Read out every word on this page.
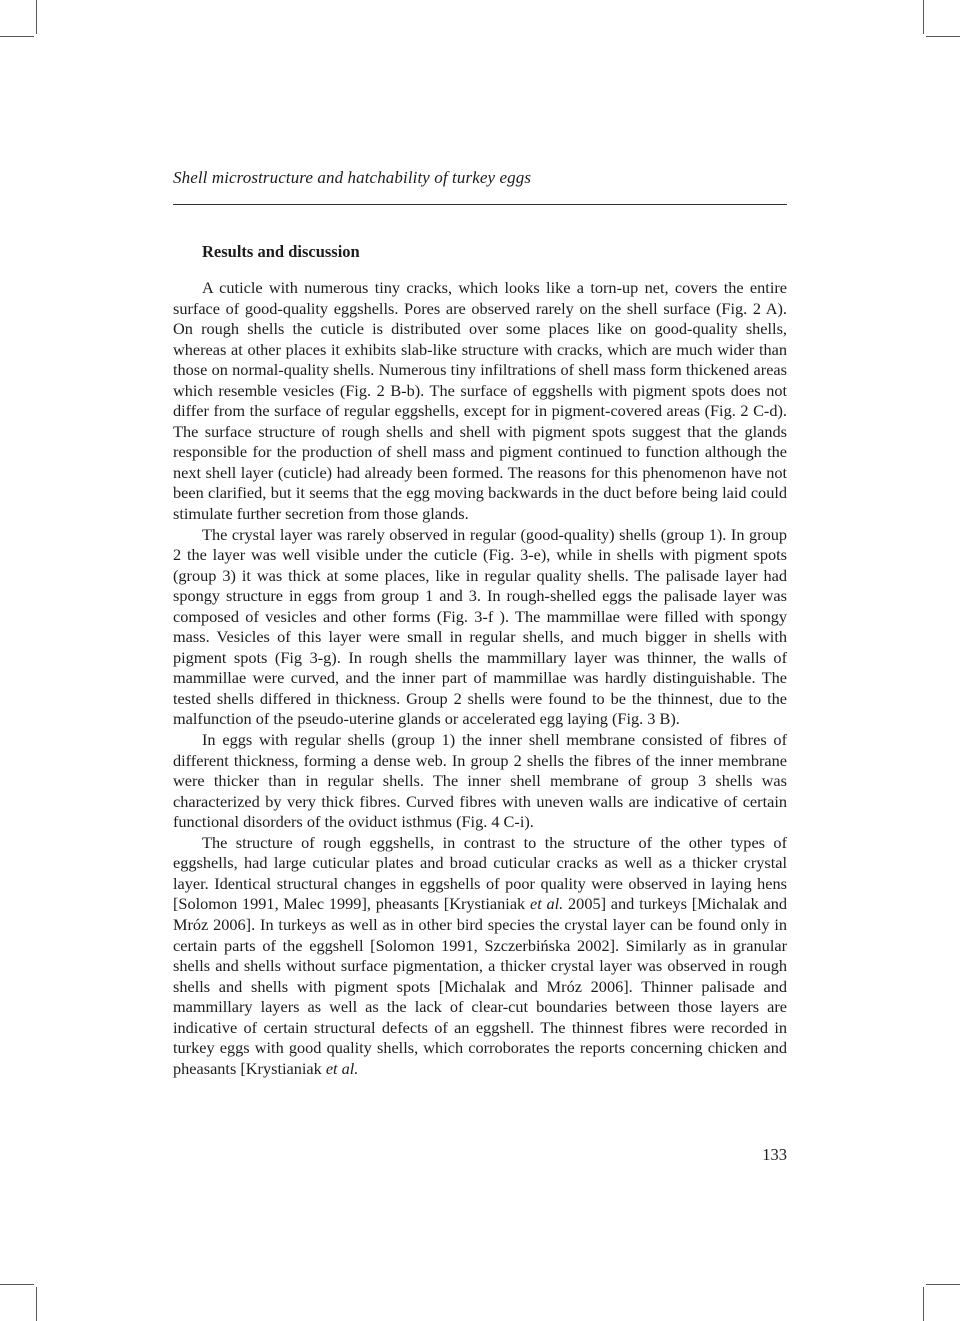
Shell microstructure and hatchability of turkey eggs
Results and discussion

A cuticle with numerous tiny cracks, which looks like a torn-up net, covers the entire surface of good-quality eggshells. Pores are observed rarely on the shell surface (Fig. 2 A). On rough shells the cuticle is distributed over some places like on good-quality shells, whereas at other places it exhibits slab-like structure with cracks, which are much wider than those on normal-quality shells. Numerous tiny infiltrations of shell mass form thickened areas which resemble vesicles (Fig. 2 B-b). The surface of eggshells with pigment spots does not differ from the surface of regular eggshells, except for in pigment-covered areas (Fig. 2 C-d). The surface structure of rough shells and shell with pigment spots suggest that the glands responsible for the production of shell mass and pigment continued to function although the next shell layer (cuticle) had already been formed. The reasons for this phenomenon have not been clarified, but it seems that the egg moving backwards in the duct before being laid could stimulate further secretion from those glands.

The crystal layer was rarely observed in regular (good-quality) shells (group 1). In group 2 the layer was well visible under the cuticle (Fig. 3-e), while in shells with pigment spots (group 3) it was thick at some places, like in regular quality shells. The palisade layer had spongy structure in eggs from group 1 and 3. In rough-shelled eggs the palisade layer was composed of vesicles and other forms (Fig. 3-f ). The mammillae were filled with spongy mass. Vesicles of this layer were small in regular shells, and much bigger in shells with pigment spots (Fig 3-g). In rough shells the mammillary layer was thinner, the walls of mammillae were curved, and the inner part of mammillae was hardly distinguishable. The tested shells differed in thickness. Group 2 shells were found to be the thinnest, due to the malfunction of the pseudo-uterine glands or accelerated egg laying (Fig. 3 B).

In eggs with regular shells (group 1) the inner shell membrane consisted of fibres of different thickness, forming a dense web. In group 2 shells the fibres of the inner membrane were thicker than in regular shells. The inner shell membrane of group 3 shells was characterized by very thick fibres. Curved fibres with uneven walls are indicative of certain functional disorders of the oviduct isthmus (Fig. 4 C-i).

The structure of rough eggshells, in contrast to the structure of the other types of eggshells, had large cuticular plates and broad cuticular cracks as well as a thicker crystal layer. Identical structural changes in eggshells of poor quality were observed in laying hens [Solomon 1991, Malec 1999], pheasants [Krystianiak et al. 2005] and turkeys [Michalak and Mróz 2006]. In turkeys as well as in other bird species the crystal layer can be found only in certain parts of the eggshell [Solomon 1991, Szczerbińska 2002]. Similarly as in granular shells and shells without surface pigmentation, a thicker crystal layer was observed in rough shells and shells with pigment spots [Michalak and Mróz 2006]. Thinner palisade and mammillary layers as well as the lack of clear-cut boundaries between those layers are indicative of certain structural defects of an eggshell. The thinnest fibres were recorded in turkey eggs with good quality shells, which corroborates the reports concerning chicken and pheasants [Krystianiak et al.

133
